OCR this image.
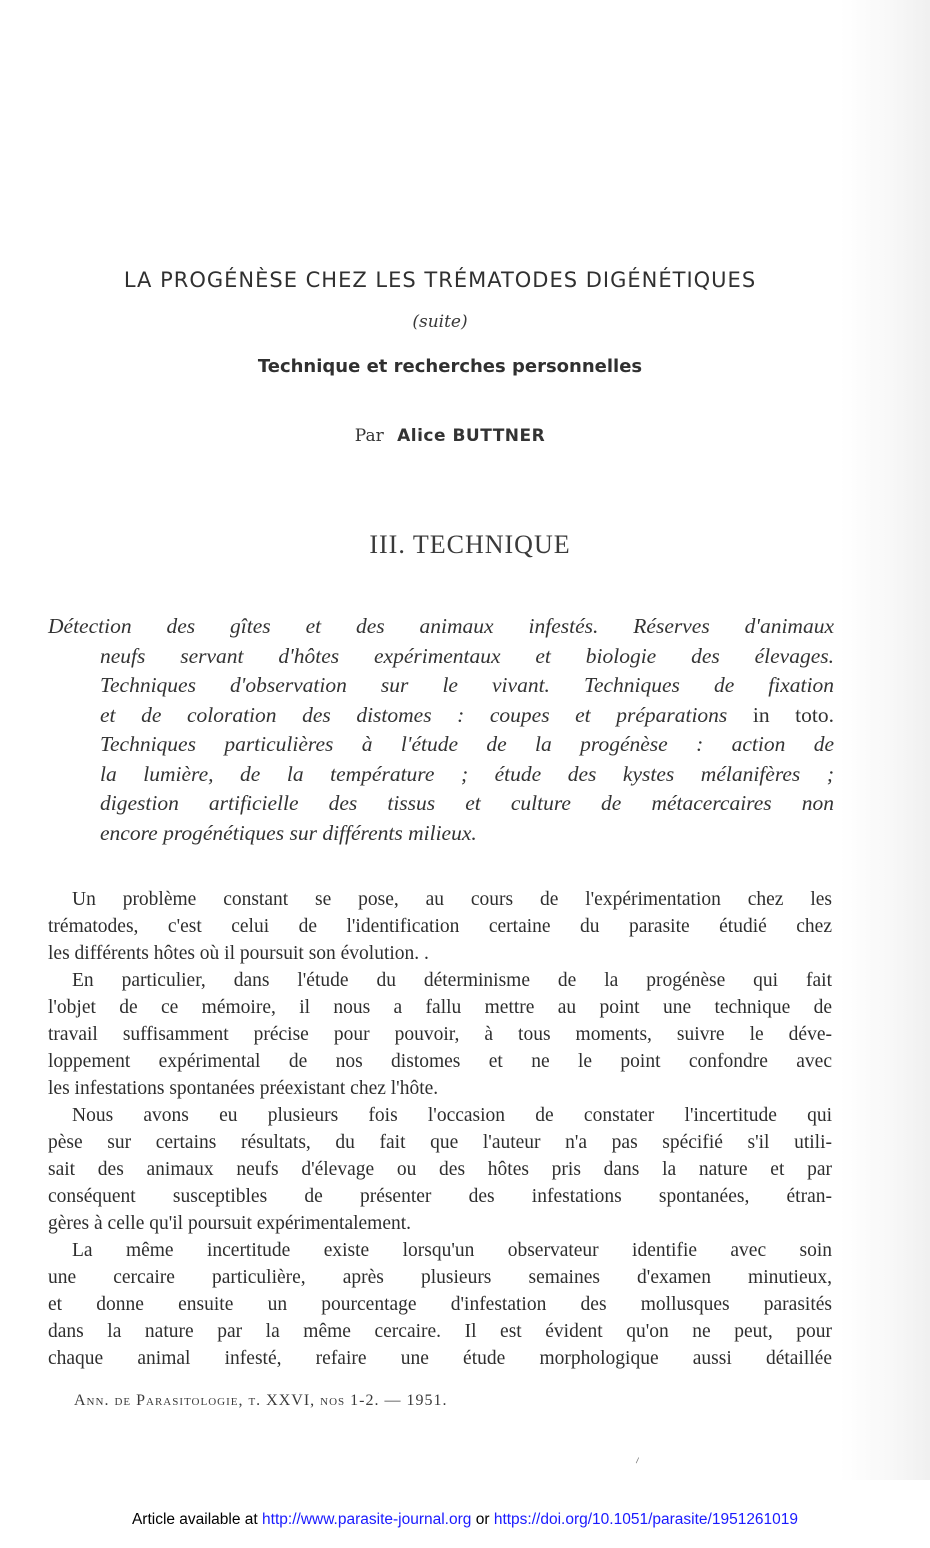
LA PROGÉNÈSE CHEZ LES TRÉMATODES DIGÉNÉTIQUES
(suite)
Technique et recherches personnelles
Par Alice BUTTNER
III. TECHNIQUE
Détection des gîtes et des animaux infestés. Réserves d'animaux
neufs servant d'hôtes expérimentaux et biologie des élevages.
Techniques d'observation sur le vivant. Techniques de fixation
et de coloration des distomes : coupes et préparations in toto.
Techniques particulières à l'étude de la progénèse : action de
la lumière, de la température ; étude des kystes mélanifères ;
digestion artificielle des tissus et culture de métacercaires non
encore progénétiques sur différents milieux.
Un problème constant se pose, au cours de l'expérimentation chez les
trématodes, c'est celui de l'identification certaine du parasite étudié chez
les différents hôtes où il poursuit son évolution. .
En particulier, dans l'étude du déterminisme de la progénèse qui fait
l'objet de ce mémoire, il nous a fallu mettre au point une technique de
travail suffisamment précise pour pouvoir, à tous moments, suivre le déve-
loppement expérimental de nos distomes et ne le point confondre avec
les infestations spontanées préexistant chez l'hôte.
Nous avons eu plusieurs fois l'occasion de constater l'incertitude qui
pèse sur certains résultats, du fait que l'auteur n'a pas spécifié s'il utili-
sait des animaux neufs d'élevage ou des hôtes pris dans la nature et par
conséquent susceptibles de présenter des infestations spontanées, étran-
gères à celle qu'il poursuit expérimentalement.
La même incertitude existe lorsqu'un observateur identifie avec soin
une cercaire particulière, après plusieurs semaines d'examen minutieux,
et donne ensuite un pourcentage d'infestation des mollusques parasités
dans la nature par la même cercaire. Il est évident qu'on ne peut, pour
chaque animal infesté, refaire une étude morphologique aussi détaillée
Ann. de Parasitologie, t. XXVI, nos 1-2. — 1951.
⸝
Article available at http://www.parasite-journal.org or https://doi.org/10.1051/parasite/1951261019
